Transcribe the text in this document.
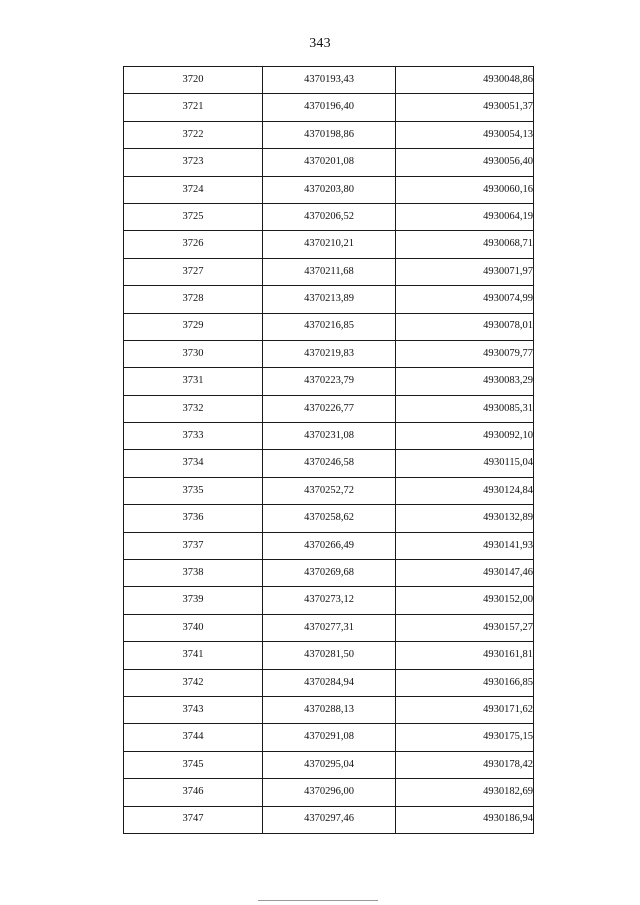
343
3720	4370193,43	4930048,86
3721	4370196,40	4930051,37
3722	4370198,86	4930054,13
3723	4370201,08	4930056,40
3724	4370203,80	4930060,16
3725	4370206,52	4930064,19
3726	4370210,21	4930068,71
3727	4370211,68	4930071,97
3728	4370213,89	4930074,99
3729	4370216,85	4930078,01
3730	4370219,83	4930079,77
3731	4370223,79	4930083,29
3732	4370226,77	4930085,31
3733	4370231,08	4930092,10
3734	4370246,58	4930115,04
3735	4370252,72	4930124,84
3736	4370258,62	4930132,89
3737	4370266,49	4930141,93
3738	4370269,68	4930147,46
3739	4370273,12	4930152,00
3740	4370277,31	4930157,27
3741	4370281,50	4930161,81
3742	4370284,94	4930166,85
3743	4370288,13	4930171,62
3744	4370291,08	4930175,15
3745	4370295,04	4930178,42
3746	4370296,00	4930182,69
3747	4370297,46	4930186,94
